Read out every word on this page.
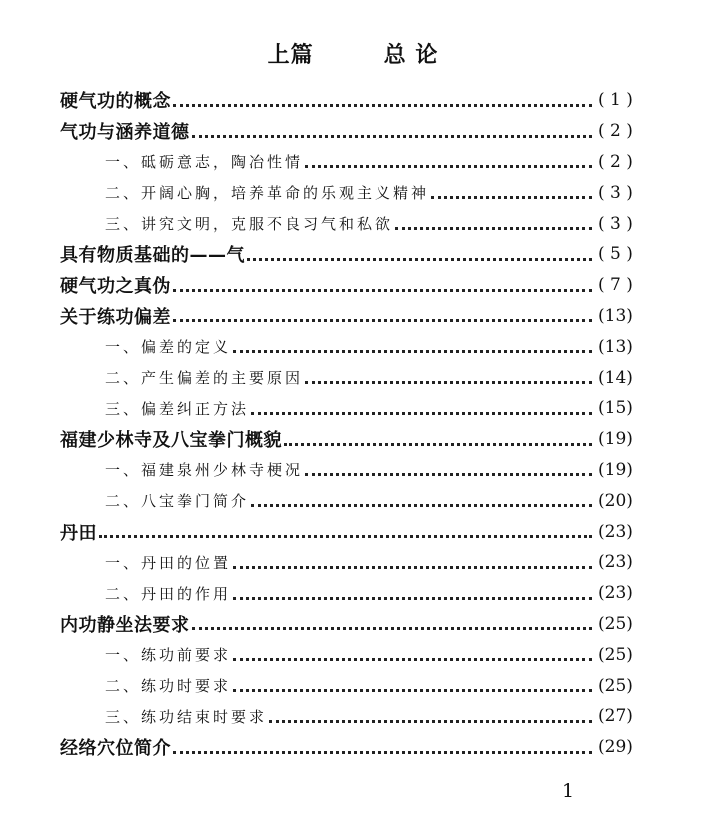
上篇	总 论
硬气功的概念	( 1 )
气功与涵养道德	( 2 )
一、砥砺意志，陶冶性情	( 2 )
二、开阔心胸，培养革命的乐观主义精神	( 3 )
三、讲究文明，克服不良习气和私欲	( 3 )
具有物质基础的——气	( 5 )
硬气功之真伪	( 7 )
关于练功偏差	(13)
一、偏差的定义	(13)
二、产生偏差的主要原因	(14)
三、偏差纠正方法	(15)
福建少林寺及八宝拳门概貌	(19)
一、福建泉州少林寺梗况	(19)
二、八宝拳门简介	(20)
丹田	(23)
一、丹田的位置	(23)
二、丹田的作用	(23)
内功静坐法要求	(25)
一、练功前要求	(25)
二、练功时要求	(25)
三、练功结束时要求	(27)
经络穴位简介	(29)
1
